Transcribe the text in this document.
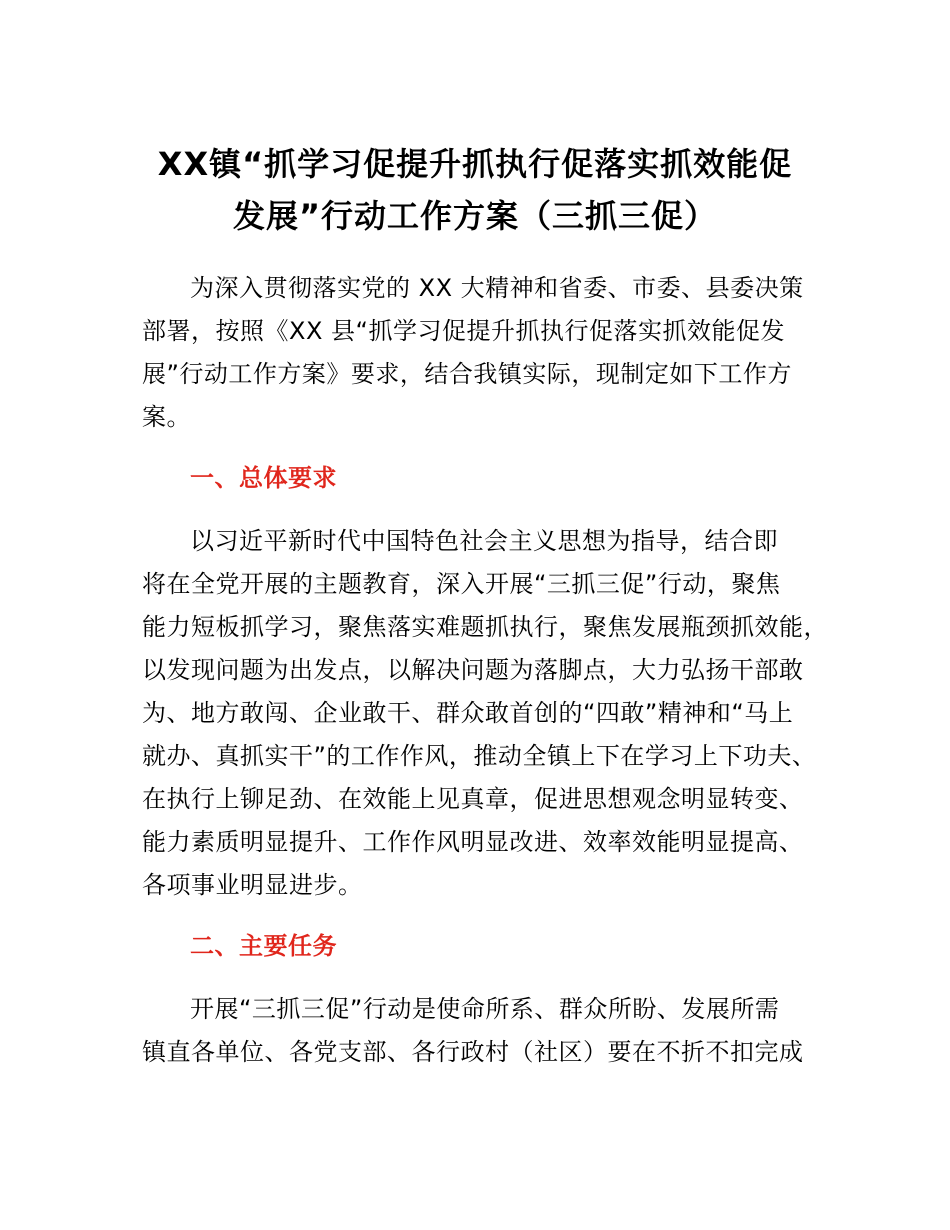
XX镇“抓学习促提升抓执行促落实抓效能促
发展”行动工作方案（三抓三促）
为深入贯彻落实党的 XX 大精神和省委、市委、县委决策
部署，按照《XX 县“抓学习促提升抓执行促落实抓效能促发
展”行动工作方案》要求，结合我镇实际，现制定如下工作方
案。
一、总体要求
以习近平新时代中国特色社会主义思想为指导，结合即
将在全党开展的主题教育，深入开展“三抓三促”行动，聚焦
能力短板抓学习，聚焦落实难题抓执行，聚焦发展瓶颈抓效能，
以发现问题为出发点，以解决问题为落脚点，大力弘扬干部敢
为、地方敢闯、企业敢干、群众敢首创的“四敢”精神和“马上
就办、真抓实干”的工作作风，推动全镇上下在学习上下功夫、
在执行上铆足劲、在效能上见真章，促进思想观念明显转变、
能力素质明显提升、工作作风明显改进、效率效能明显提高、
各项事业明显进步。
二、主要任务
开展“三抓三促”行动是使命所系、群众所盼、发展所需
镇直各单位、各党支部、各行政村（社区）要在不折不扣完成
